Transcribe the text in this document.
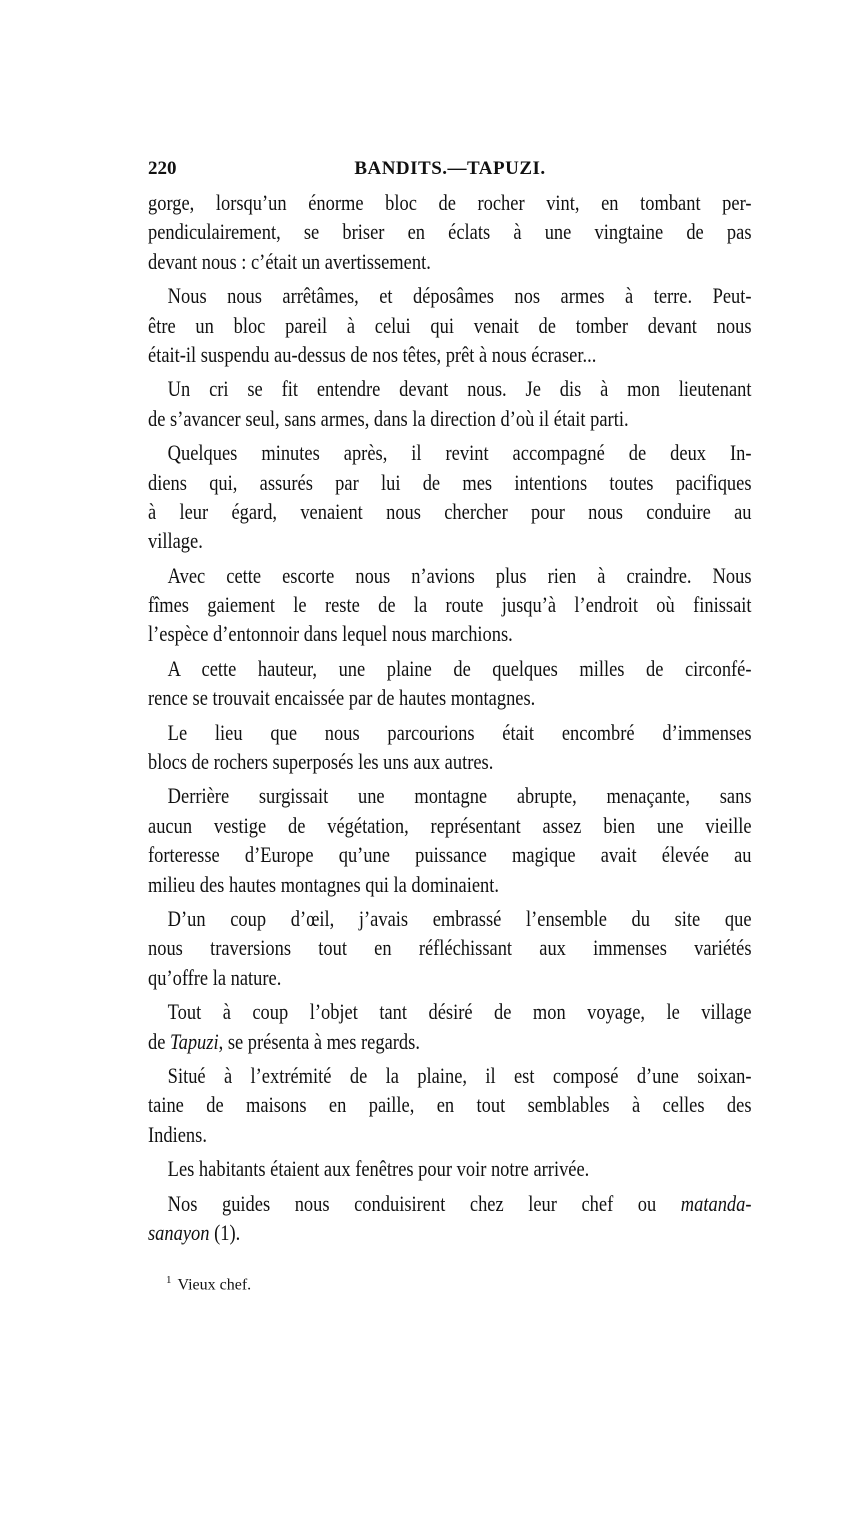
220	BANDITS.—TAPUZI.
gorge, lorsqu’un énorme bloc de rocher vint, en tombant per-
pendiculairement, se briser en éclats à une vingtaine de pas
devant nous : c’était un avertissement.
Nous nous arrêtâmes, et déposâmes nos armes à terre. Peut-
être un bloc pareil à celui qui venait de tomber devant nous
était-il suspendu au-dessus de nos têtes, prêt à nous écraser...
Un cri se fit entendre devant nous. Je dis à mon lieutenant
de s’avancer seul, sans armes, dans la direction d’où il était parti.
Quelques minutes après, il revint accompagné de deux In-
diens qui, assurés par lui de mes intentions toutes pacifiques
à leur égard, venaient nous chercher pour nous conduire au
village.
Avec cette escorte nous n’avions plus rien à craindre. Nous
fîmes gaiement le reste de la route jusqu’à l’endroit où finissait
l’espèce d’entonnoir dans lequel nous marchions.
A cette hauteur, une plaine de quelques milles de circonfé-
rence se trouvait encaissée par de hautes montagnes.
Le lieu que nous parcourions était encombré d’immenses
blocs de rochers superposés les uns aux autres.
Derrière surgissait une montagne abrupte, menaçante, sans
aucun vestige de végétation, représentant assez bien une vieille
forteresse d’Europe qu’une puissance magique avait élevée au
milieu des hautes montagnes qui la dominaient.
D’un coup d’œil, j’avais embrassé l’ensemble du site que
nous traversions tout en réfléchissant aux immenses variétés
qu’offre la nature.
Tout à coup l’objet tant désiré de mon voyage, le village
de Tapuzi, se présenta à mes regards.
Situé à l’extrémité de la plaine, il est composé d’une soixan-
taine de maisons en paille, en tout semblables à celles des
Indiens.
Les habitants étaient aux fenêtres pour voir notre arrivée.
Nos guides nous conduisirent chez leur chef ou matanda-
sanayon (1).
$^1$ Vieux chef.
